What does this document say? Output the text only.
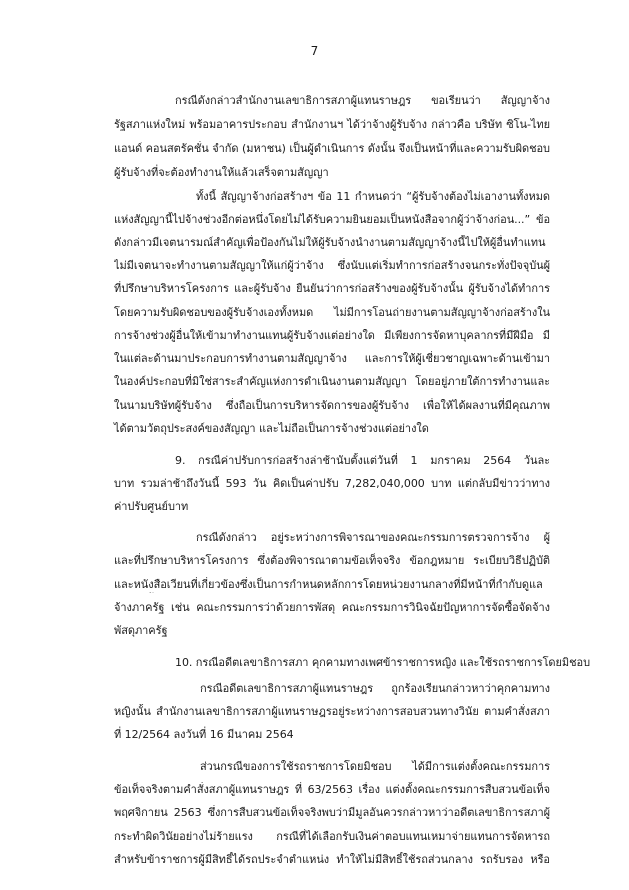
7
กรณีดังกล่าวสำนักงานเลขาธิการสภาผู้แทนราษฎร ขอเรียนว่า สัญญาจ้าง
รัฐสภาแห่งใหม่ พร้อมอาคารประกอบ สำนักงานฯ ได้ว่าจ้างผู้รับจ้าง กล่าวคือ บริษัท ซิโน-ไทย
แอนด์ คอนสตรัคชั่น จำกัด (มหาชน) เป็นผู้ดำเนินการ ดังนั้น จึงเป็นหน้าที่และความรับผิดชอบ
ผู้รับจ้างที่จะต้องทำงานให้แล้วเสร็จตามสัญญา
ทั้งนี้ สัญญาจ้างก่อสร้างฯ ข้อ 11 กำหนดว่า “ผู้รับจ้างต้องไม่เอางานทั้งหมด
แห่งสัญญานี้ไปจ้างช่วงอีกต่อหนึ่งโดยไม่ได้รับความยินยอมเป็นหนังสือจากผู้ว่าจ้างก่อน...” ข้อ
ดังกล่าวมีเจตนารมณ์สำคัญเพื่อป้องกันไม่ให้ผู้รับจ้างนำงานตามสัญญาจ้างนี้ไปให้ผู้อื่นทำแทน
ไม่มีเจตนาจะทำงานตามสัญญาให้แก่ผู้ว่าจ้าง ซึ่งนับแต่เริ่มทำการก่อสร้างจนกระทั่งปัจจุบันผู้
ที่ปรึกษาบริหารโครงการ และผู้รับจ้าง ยืนยันว่าการก่อสร้างของผู้รับจ้างนั้น ผู้รับจ้างได้ทำการ
โดยความรับผิดชอบของผู้รับจ้างเองทั้งหมด ไม่มีการโอนถ่ายงานตามสัญญาจ้างก่อสร้างใน
การจ้างช่วงผู้อื่นให้เข้ามาทำงานแทนผู้รับจ้างแต่อย่างใด มีเพียงการจัดหาบุคลากรที่มีฝีมือ มี
ในแต่ละด้านมาประกอบการทำงานตามสัญญาจ้าง และการให้ผู้เชี่ยวชาญเฉพาะด้านเข้ามา
ในองค์ประกอบที่มิใช่สาระสำคัญแห่งการดำเนินงานตามสัญญา โดยอยู่ภายใต้การทำงานและ
ในนามบริษัทผู้รับจ้าง ซึ่งถือเป็นการบริหารจัดการของผู้รับจ้าง เพื่อให้ได้ผลงานที่มีคุณภาพ
ได้ตามวัตถุประสงค์ของสัญญา และไม่ถือเป็นการจ้างช่วงแต่อย่างใด
9. กรณีค่าปรับการก่อสร้างล่าช้านับตั้งแต่วันที่ 1 มกราคม 2564 วันละ
บาท รวมล่าช้าถึงวันนี้ 593 วัน คิดเป็นค่าปรับ 7,282,040,000 บาท แต่กลับมีข่าวว่าทาง
ค่าปรับศูนย์บาท
กรณีดังกล่าว อยู่ระหว่างการพิจารณาของคณะกรรมการตรวจการจ้าง ผู้
และที่ปรึกษาบริหารโครงการ ซึ่งต้องพิจารณาตามข้อเท็จจริง ข้อกฎหมาย ระเบียบวิธีปฏิบัติ
และหนังสือเวียนที่เกี่ยวข้องซึ่งเป็นการกำหนดหลักการโดยหน่วยงานกลางที่มีหน้าที่กำกับดูแล
จ้างภาครัฐ เช่น คณะกรรมการว่าด้วยการพัสดุ คณะกรรมการวินิจฉัยปัญหาการจัดซื้อจัดจ้าง
พัสดุภาครัฐ
10. กรณีอดีตเลขาธิการสภา คุกคามทางเพศข้าราชการหญิง และใช้รถราชการโดยมิชอบ
กรณีอดีตเลขาธิการสภาผู้แทนราษฎร ถูกร้องเรียนกล่าวหาว่าคุกคามทาง
หญิงนั้น สำนักงานเลขาธิการสภาผู้แทนราษฎรอยู่ระหว่างการสอบสวนทางวินัย ตามคำสั่งสภา
ที่ 12/2564 ลงวันที่ 16 มีนาคม 2564
ส่วนกรณีของการใช้รถราชการโดยมิชอบ ได้มีการแต่งตั้งคณะกรรมการ
ข้อเท็จจริงตามคำสั่งสภาผู้แทนราษฎร ที่ 63/2563 เรื่อง แต่งตั้งคณะกรรมการสืบสวนข้อเท็จ
พฤศจิกายน 2563 ซึ่งการสืบสวนข้อเท็จจริงพบว่ามีมูลอันควรกล่าวหาว่าอดีตเลขาธิการสภาผู้
กระทำผิดวินัยอย่างไม่ร้ายแรง กรณีที่ได้เลือกรับเงินค่าตอบแทนเหมาจ่ายแทนการจัดหารถ
สำหรับข้าราชการผู้มีสิทธิ์ได้รถประจำตำแหน่ง ทำให้ไม่มีสิทธิ์ใช้รถส่วนกลาง รถรับรอง หรือ
